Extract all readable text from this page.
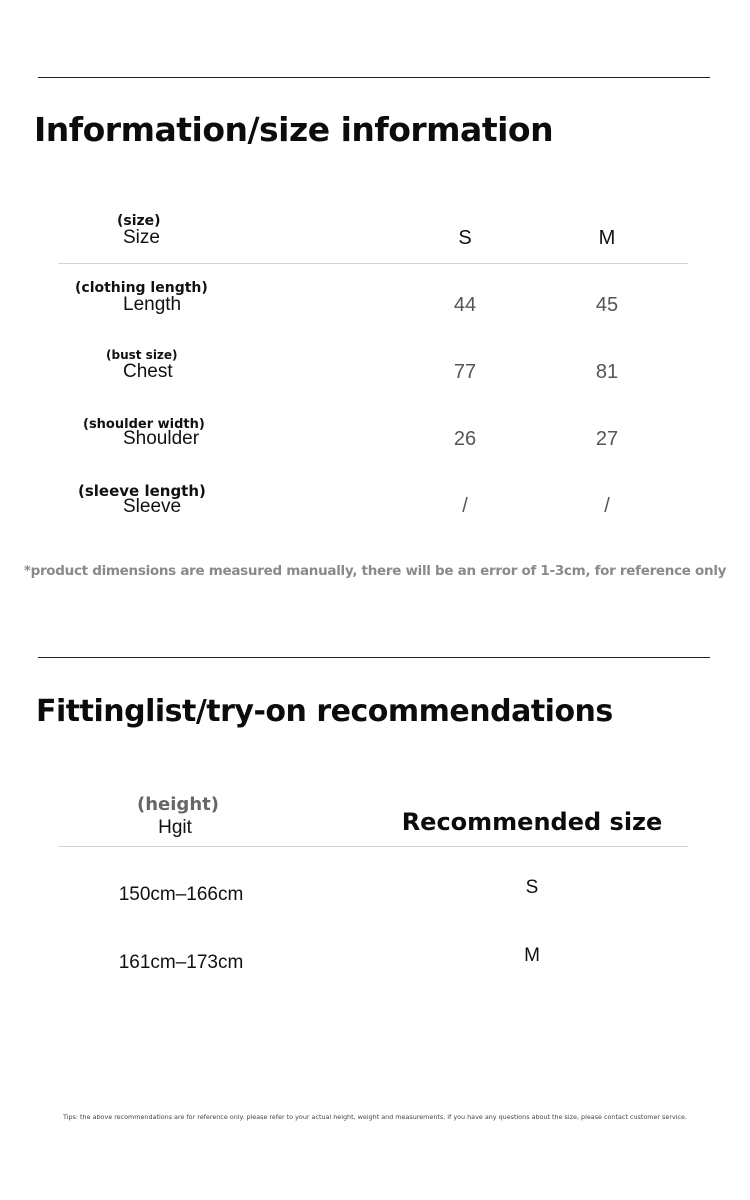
Information/size information
(size)
Size	S	M
(clothing length)
Length	44	45
(bust size)
Chest	77	81
(shoulder width)
Shoulder	26	27
(sleeve length)
Sleeve	/	/
*product dimensions are measured manually, there will be an error of 1-3cm, for reference only
Fittinglist/try-on recommendations
(height)
Hgit	Recommended size
150cm–166cm	S
161cm–173cm	M
Tips: the above recommendations are for reference only. please refer to your actual height, weight and measurements. if you have any questions about the size, please contact customer service.
